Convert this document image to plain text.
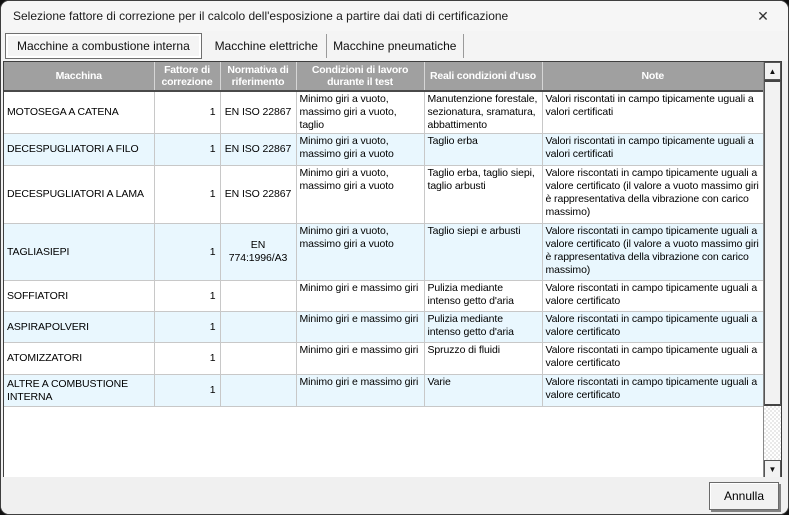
Selezione fattore di correzione per il calcolo dell'esposizione a partire dai dati di certificazione	✕
Macchine a combustione interna Macchine elettriche Macchine pneumatiche
Macchina	Fattore di correzione	Normativa di riferimento	Condizioni di lavoro durante il test	Reali condizioni d'uso	Note
MOTOSEGA A CATENA	1	EN ISO 22867	Minimo giri a vuoto, massimo giri a vuoto, taglio	Manutenzione forestale, sezionatura, sramatura, abbattimento	Valori riscontati in campo tipicamente uguali a valori certificati
DECESPUGLIATORI A FILO	1	EN ISO 22867	Minimo giri a vuoto, massimo giri a vuoto	Taglio erba	Valori riscontati in campo tipicamente uguali a valori certificati
DECESPUGLIATORI A LAMA	1	EN ISO 22867	Minimo giri a vuoto, massimo giri a vuoto	Taglio erba, taglio siepi, taglio arbusti	Valore riscontati in campo tipicamente uguali a valore certificato (il valore a vuoto massimo giri è rappresentativa della vibrazione con carico massimo)
TAGLIASIEPI	1	EN 774:1996/A3	Minimo giri a vuoto, massimo giri a vuoto	Taglio siepi e arbusti	Valore riscontati in campo tipicamente uguali a valore certificato (il valore a vuoto massimo giri è rappresentativa della vibrazione con carico massimo)
SOFFIATORI	1		Minimo giri e massimo giri	Pulizia mediante intenso getto d'aria	Valore riscontati in campo tipicamente uguali a valore certificato
ASPIRAPOLVERI	1		Minimo giri e massimo giri	Pulizia mediante intenso getto d'aria	Valore riscontati in campo tipicamente uguali a valore certificato
ATOMIZZATORI	1		Minimo giri e massimo giri	Spruzzo di fluidi	Valore riscontati in campo tipicamente uguali a valore certificato
ALTRE A COMBUSTIONE INTERNA	1		Minimo giri e massimo giri	Varie	Valore riscontati in campo tipicamente uguali a valore certificato
▲
▼
Annulla
